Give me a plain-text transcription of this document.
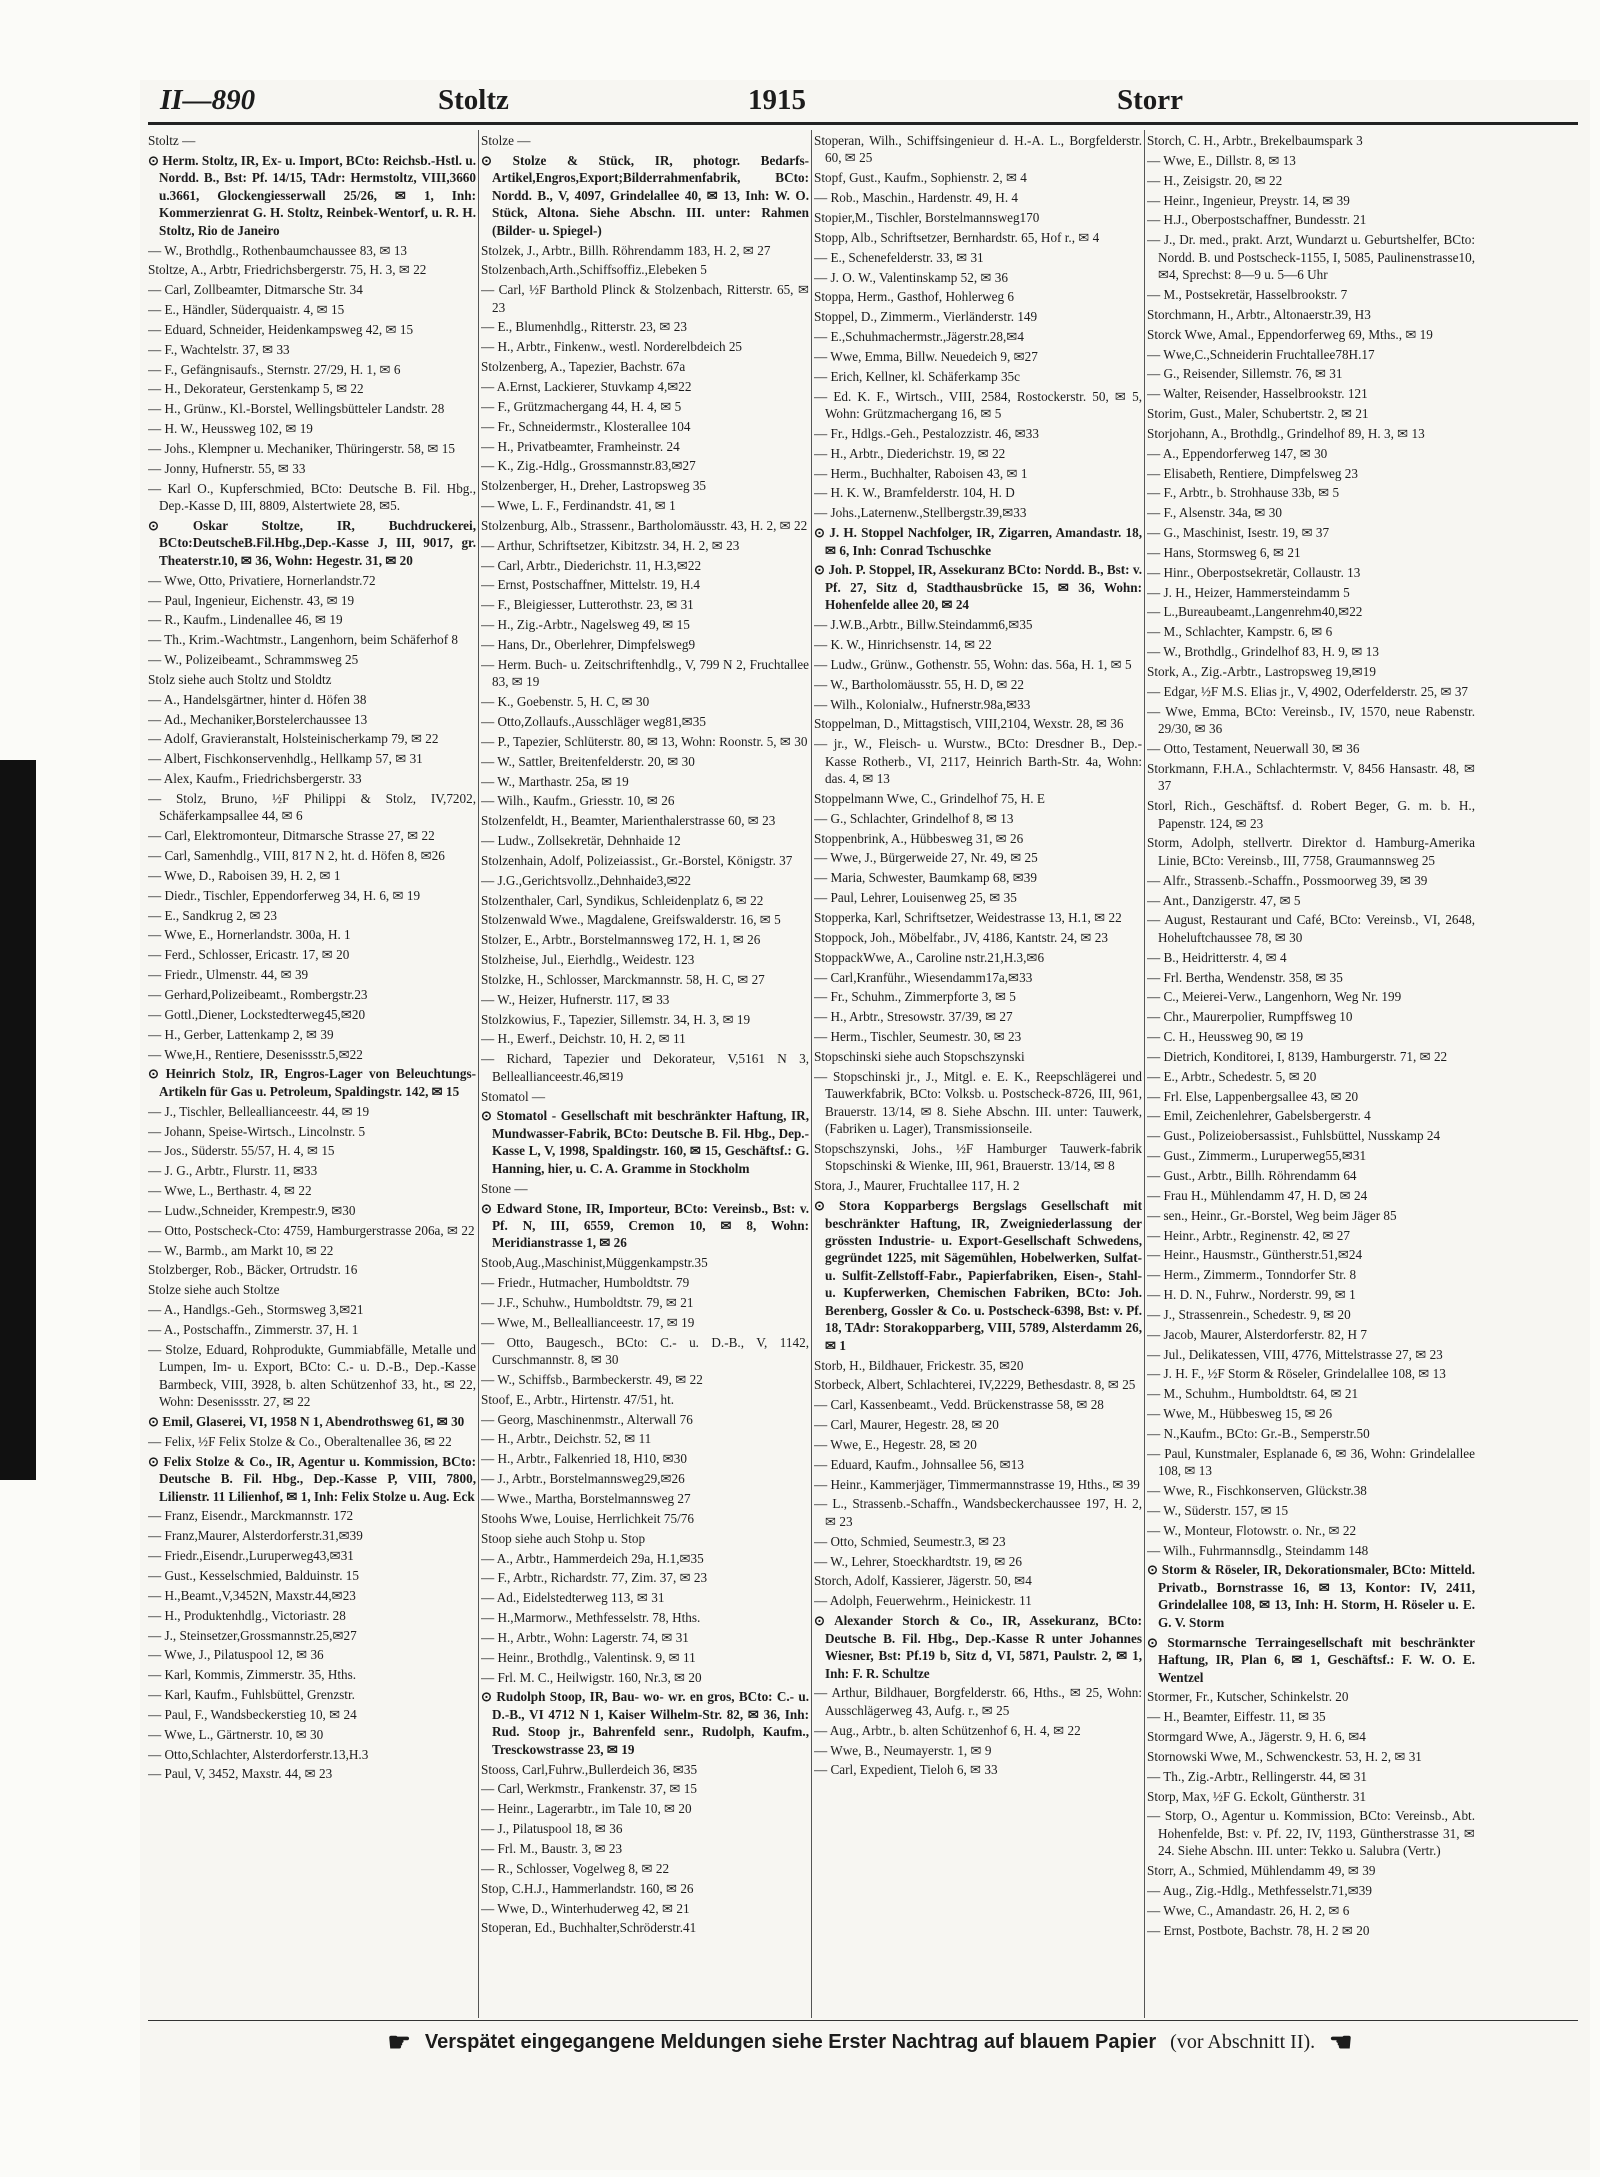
II—890	Stoltz	1915	Storr
Stoltz —
⊙ Herm. Stoltz, IR, Ex- u. Import, BCto: Reichsb.-Hstl. u. Nordd. B., Bst: Pf. 14/15, TAdr: Hermstoltz, VIII,3660 u.3661, Glockengiesserwall 25/26, ✉ 1, Inh: Kommerzienrat G. H. Stoltz, Reinbek-Wentorf, u. R. H. Stoltz, Rio de Janeiro
— W., Brothdlg., Rothenbaumchaussee 83, ✉ 13
Stoltze, A., Arbtr, Friedrichsbergerstr. 75, H. 3, ✉ 22
— Carl, Zollbeamter, Ditmarsche Str. 34
— E., Händler, Süderquaistr. 4, ✉ 15
— Eduard, Schneider, Heidenkampsweg 42, ✉ 15
— F., Wachtelstr. 37, ✉ 33
— F., Gefängnisaufs., Sternstr. 27/29, H. 1, ✉ 6
— H., Dekorateur, Gerstenkamp 5, ✉ 22
— H., Grünw., Kl.-Borstel, Wellingsbütteler Landstr. 28
— H. W., Heussweg 102, ✉ 19
— Johs., Klempner u. Mechaniker, Thüringerstr. 58, ✉ 15
— Jonny, Hufnerstr. 55, ✉ 33
— Karl O., Kupferschmied, BCto: Deutsche B. Fil. Hbg., Dep.-Kasse D, III, 8809, Alstertwiete 28, ✉5.
⊙ Oskar Stoltze, IR, Buchdruckerei, BCto:DeutscheB.Fil.Hbg.,Dep.-Kasse J, III, 9017, gr. Theaterstr.10, ✉ 36, Wohn: Hegestr. 31, ✉ 20
— Wwe, Otto, Privatiere, Hornerlandstr.72
— Paul, Ingenieur, Eichenstr. 43, ✉ 19
— R., Kaufm., Lindenallee 46, ✉ 19
— Th., Krim.-Wachtmstr., Langenhorn, beim Schäferhof 8
— W., Polizeibeamt., Schrammsweg 25
Stolz siehe auch Stoltz und Stoldtz
— A., Handelsgärtner, hinter d. Höfen 38
— Ad., Mechaniker,Borstelerchaussee 13
— Adolf, Gravieranstalt, Holsteinischerkamp 79, ✉ 22
— Albert, Fischkonservenhdlg., Hellkamp 57, ✉ 31
— Alex, Kaufm., Friedrichsbergerstr. 33
— Stolz, Bruno, ½F Philippi & Stolz, IV,7202, Schäferkampsallee 44, ✉ 6
— Carl, Elektromonteur, Ditmarsche Strasse 27, ✉ 22
— Carl, Samenhdlg., VIII, 817 N 2, ht. d. Höfen 8, ✉26
— Wwe, D., Raboisen 39, H. 2, ✉ 1
— Diedr., Tischler, Eppendorferweg 34, H. 6, ✉ 19
— E., Sandkrug 2, ✉ 23
— Wwe, E., Hornerlandstr. 300a, H. 1
— Ferd., Schlosser, Ericastr. 17, ✉ 20
— Friedr., Ulmenstr. 44, ✉ 39
— Gerhard,Polizeibeamt., Rombergstr.23
— Gottl.,Diener, Lockstedterweg45,✉20
— H., Gerber, Lattenkamp 2, ✉ 39
— Wwe,H., Rentiere, Desenissstr.5,✉22
⊙ Heinrich Stolz, IR, Engros-Lager von Beleuchtungs-Artikeln für Gas u. Petroleum, Spaldingstr. 142, ✉ 15
— J., Tischler, Belleallianceestr. 44, ✉ 19
— Johann, Speise-Wirtsch., Lincolnstr. 5
— Jos., Süderstr. 55/57, H. 4, ✉ 15
— J. G., Arbtr., Flurstr. 11, ✉33
— Wwe, L., Berthastr. 4, ✉ 22
— Ludw.,Schneider, Krempestr.9, ✉30
— Otto, Postscheck-Cto: 4759, Hamburgerstrasse 206a, ✉ 22
— W., Barmb., am Markt 10, ✉ 22
Stolzberger, Rob., Bäcker, Ortrudstr. 16
Stolze siehe auch Stoltze
— A., Handlgs.-Geh., Stormsweg 3,✉21
— A., Postschaffn., Zimmerstr. 37, H. 1
— Stolze, Eduard, Rohprodukte, Gummiabfälle, Metalle und Lumpen, Im- u. Export, BCto: C.- u. D.-B., Dep.-Kasse Barmbeck, VIII, 3928, b. alten Schützenhof 33, ht., ✉ 22, Wohn: Desenissstr. 27, ✉ 22
⊙ Emil, Glaserei, VI, 1958 N 1, Abendrothsweg 61, ✉ 30
— Felix, ½F Felix Stolze & Co., Oberaltenallee 36, ✉ 22
⊙ Felix Stolze & Co., IR, Agentur u. Kommission, BCto: Deutsche B. Fil. Hbg., Dep.-Kasse P, VIII, 7800, Lilienstr. 11 Lilienhof, ✉ 1, Inh: Felix Stolze u. Aug. Eck
— Franz, Eisendr., Marckmannstr. 172
— Franz,Maurer, Alsterdorferstr.31,✉39
— Friedr.,Eisendr.,Luruperweg43,✉31
— Gust., Kesselschmied, Balduinstr. 15
— H.,Beamt.,V,3452N, Maxstr.44,✉23
— H., Produktenhdlg., Victoriastr. 28
— J., Steinsetzer,Grossmannstr.25,✉27
— Wwe, J., Pilatuspool 12, ✉ 36
— Karl, Kommis, Zimmerstr. 35, Hths.
— Karl, Kaufm., Fuhlsbüttel, Grenzstr.
— Paul, F., Wandsbeckerstieg 10, ✉ 24
— Wwe, L., Gärtnerstr. 10, ✉ 30
— Otto,Schlachter, Alsterdorferstr.13,H.3
— Paul, V, 3452, Maxstr. 44, ✉ 23
Stolze —
⊙ Stolze & Stück, IR, photogr. Bedarfs-Artikel,Engros,Export;Bilderrahmenfabrik, BCto: Nordd. B., V, 4097, Grindelallee 40, ✉ 13, Inh: W. O. Stück, Altona. Siehe Abschn. III. unter: Rahmen (Bilder- u. Spiegel-)
Stolzek, J., Arbtr., Billh. Röhrendamm 183, H. 2, ✉ 27
Stolzenbach,Arth.,Schiffsoffiz.,Elebeken 5
— Carl, ½F Barthold Plinck & Stolzenbach, Ritterstr. 65, ✉ 23
— E., Blumenhdlg., Ritterstr. 23, ✉ 23
— H., Arbtr., Finkenw., westl. Norderelbdeich 25
Stolzenberg, A., Tapezier, Bachstr. 67a
— A.Ernst, Lackierer, Stuvkamp 4,✉22
— F., Grützmachergang 44, H. 4, ✉ 5
— Fr., Schneidermstr., Klosterallee 104
— H., Privatbeamter, Framheinstr. 24
— K., Zig.-Hdlg., Grossmannstr.83,✉27
Stolzenberger, H., Dreher, Lastropsweg 35
— Wwe, L. F., Ferdinandstr. 41, ✉ 1
Stolzenburg, Alb., Strassenr., Bartholomäusstr. 43, H. 2, ✉ 22
— Arthur, Schriftsetzer, Kibitzstr. 34, H. 2, ✉ 23
— Carl, Arbtr., Diederichstr. 11, H.3,✉22
— Ernst, Postschaffner, Mittelstr. 19, H.4
— F., Bleigiesser, Lutterothstr. 23, ✉ 31
— H., Zig.-Arbtr., Nagelsweg 49, ✉ 15
— Hans, Dr., Oberlehrer, Dimpfelsweg9
— Herm. Buch- u. Zeitschriftenhdlg., V, 799 N 2, Fruchtallee 83, ✉ 19
— K., Goebenstr. 5, H. C, ✉ 30
— Otto,Zollaufs.,Ausschläger weg81,✉35
— P., Tapezier, Schlüterstr. 80, ✉ 13, Wohn: Roonstr. 5, ✉ 30
— W., Sattler, Breitenfelderstr. 20, ✉ 30
— W., Marthastr. 25a, ✉ 19
— Wilh., Kaufm., Griesstr. 10, ✉ 26
Stolzenfeldt, H., Beamter, Marienthalerstrasse 60, ✉ 23
— Ludw., Zollsekretär, Dehnhaide 12
Stolzenhain, Adolf, Polizeiassist., Gr.-Borstel, Königstr. 37
— J.G.,Gerichtsvollz.,Dehnhaide3,✉22
Stolzenthaler, Carl, Syndikus, Schleidenplatz 6, ✉ 22
Stolzenwald Wwe., Magdalene, Greifswalderstr. 16, ✉ 5
Stolzer, E., Arbtr., Borstelmannsweg 172, H. 1, ✉ 26
Stolzheise, Jul., Eierhdlg., Weidestr. 123
Stolzke, H., Schlosser, Marckmannstr. 58, H. C, ✉ 27
— W., Heizer, Hufnerstr. 117, ✉ 33
Stolzkowius, F., Tapezier, Sillemstr. 34, H. 3, ✉ 19
— H., Ewerf., Deichstr. 10, H. 2, ✉ 11
— Richard, Tapezier und Dekorateur, V,5161 N 3, Belleallianceestr.46,✉19
Stomatol —
⊙ Stomatol - Gesellschaft mit beschränkter Haftung, IR, Mundwasser-Fabrik, BCto: Deutsche B. Fil. Hbg., Dep.-Kasse L, V, 1998, Spaldingstr. 160, ✉ 15, Geschäftsf.: G. Hanning, hier, u. C. A. Gramme in Stockholm
Stone —
⊙ Edward Stone, IR, Importeur, BCto: Vereinsb., Bst: v. Pf. N, III, 6559, Cremon 10, ✉ 8, Wohn: Meridianstrasse 1, ✉ 26
Stoob,Aug.,Maschinist,Müggenkampstr.35
— Friedr., Hutmacher, Humboldtstr. 79
— J.F., Schuhw., Humboldtstr. 79, ✉ 21
— Wwe, M., Belleallianceestr. 17, ✉ 19
— Otto, Baugesch., BCto: C.- u. D.-B., V, 1142, Curschmannstr. 8, ✉ 30
— W., Schiffsb., Barmbeckerstr. 49, ✉ 22
Stoof, E., Arbtr., Hirtenstr. 47/51, ht.
— Georg, Maschinenmstr., Alterwall 76
— H., Arbtr., Deichstr. 52, ✉ 11
— H., Arbtr., Falkenried 18, H10, ✉30
— J., Arbtr., Borstelmannsweg29,✉26
— Wwe., Martha, Borstelmannsweg 27
Stoohs Wwe, Louise, Herrlichkeit 75/76
Stoop siehe auch Stohp u. Stop
— A., Arbtr., Hammerdeich 29a, H.1,✉35
— F., Arbtr., Richardstr. 77, Zim. 37, ✉ 23
— Ad., Eidelstedterweg 113, ✉ 31
— H.,Marmorw., Methfesselstr. 78, Hths.
— H., Arbtr., Wohn: Lagerstr. 74, ✉ 31
— Heinr., Brothdlg., Valentinsk. 9, ✉ 11
— Frl. M. C., Heilwigstr. 160, Nr.3, ✉ 20
⊙ Rudolph Stoop, IR, Bau- wo- wr. en gros, BCto: C.- u. D.-B., VI 4712 N 1, Kaiser Wilhelm-Str. 82, ✉ 36, Inh: Rud. Stoop jr., Bahrenfeld senr., Rudolph, Kaufm., Tresckowstrasse 23, ✉ 19
Stooss, Carl,Fuhrw.,Bullerdeich 36, ✉35
— Carl, Werkmstr., Frankenstr. 37, ✉ 15
— Heinr., Lagerarbtr., im Tale 10, ✉ 20
— J., Pilatuspool 18, ✉ 36
— Frl. M., Baustr. 3, ✉ 23
— R., Schlosser, Vogelweg 8, ✉ 22
Stop, C.H.J., Hammerlandstr. 160, ✉ 26
— Wwe, D., Winterhuderweg 42, ✉ 21
Stoperan, Ed., Buchhalter,Schröderstr.41
Stoperan, Wilh., Schiffsingenieur d. H.-A. L., Borgfelderstr. 60, ✉ 25
Stopf, Gust., Kaufm., Sophienstr. 2, ✉ 4
— Rob., Maschin., Hardenstr. 49, H. 4
Stopier,M., Tischler, Borstelmannsweg170
Stopp, Alb., Schriftsetzer, Bernhardstr. 65, Hof r., ✉ 4
— E., Schenefelderstr. 33, ✉ 31
— J. O. W., Valentinskamp 52, ✉ 36
Stoppa, Herm., Gasthof, Hohlerweg 6
Stoppel, D., Zimmerm., Vierländerstr. 149
— E.,Schuhmachermstr.,Jägerstr.28,✉4
— Wwe, Emma, Billw. Neuedeich 9, ✉27
— Erich, Kellner, kl. Schäferkamp 35c
— Ed. K. F., Wirtsch., VIII, 2584, Rostockerstr. 50, ✉ 5, Wohn: Grützmachergang 16, ✉ 5
— Fr., Hdlgs.-Geh., Pestalozzistr. 46, ✉33
— H., Arbtr., Diederichstr. 19, ✉ 22
— Herm., Buchhalter, Raboisen 43, ✉ 1
— H. K. W., Bramfelderstr. 104, H. D
— Johs.,Laternenw.,Stellbergstr.39,✉33
⊙ J. H. Stoppel Nachfolger, IR, Zigarren, Amandastr. 18, ✉ 6, Inh: Conrad Tschuschke
⊙ Joh. P. Stoppel, IR, Assekuranz BCto: Nordd. B., Bst: v. Pf. 27, Sitz d, Stadthausbrücke 15, ✉ 36, Wohn: Hohenfelde allee 20, ✉ 24
— J.W.B.,Arbtr., Billw.Steindamm6,✉35
— K. W., Hinrichsenstr. 14, ✉ 22
— Ludw., Grünw., Gothenstr. 55, Wohn: das. 56a, H. 1, ✉ 5
— W., Bartholomäusstr. 55, H. D, ✉ 22
— Wilh., Kolonialw., Hufnerstr.98a,✉33
Stoppelman, D., Mittagstisch, VIII,2104, Wexstr. 28, ✉ 36
— jr., W., Fleisch- u. Wurstw., BCto: Dresdner B., Dep.-Kasse Rotherb., VI, 2117, Heinrich Barth-Str. 4a, Wohn: das. 4, ✉ 13
Stoppelmann Wwe, C., Grindelhof 75, H. E
— G., Schlachter, Grindelhof 8, ✉ 13
Stoppenbrink, A., Hübbesweg 31, ✉ 26
— Wwe, J., Bürgerweide 27, Nr. 49, ✉ 25
— Maria, Schwester, Baumkamp 68, ✉39
— Paul, Lehrer, Louisenweg 25, ✉ 35
Stopperka, Karl, Schriftsetzer, Weidestrasse 13, H.1, ✉ 22
Stoppock, Joh., Möbelfabr., JV, 4186, Kantstr. 24, ✉ 23
StoppackWwe, A., Caroline nstr.21,H.3,✉6
— Carl,Kranführ., Wiesendamm17a,✉33
— Fr., Schuhm., Zimmerpforte 3, ✉ 5
— H., Arbtr., Stresowstr. 37/39, ✉ 27
— Herm., Tischler, Seumestr. 30, ✉ 23
Stopschinski siehe auch Stopschszynski
— Stopschinski jr., J., Mitgl. e. E. K., Reepschlägerei und Tauwerkfabrik, BCto: Volksb. u. Postscheck-8726, III, 961, Brauerstr. 13/14, ✉ 8. Siehe Abschn. III. unter: Tauwerk, (Fabriken u. Lager), Transmissionseile.
Stopschszynski, Johs., ½F Hamburger Tauwerk-fabrik Stopschinski & Wienke, III, 961, Brauerstr. 13/14, ✉ 8
Stora, J., Maurer, Fruchtallee 117, H. 2
⊙ Stora Kopparbergs Bergslags Gesellschaft mit beschränkter Haftung, IR, Zweigniederlassung der grössten Industrie- u. Export-Gesellschaft Schwedens, gegründet 1225, mit Sägemühlen, Hobelwerken, Sulfat- u. Sulfit-Zellstoff-Fabr., Papierfabriken, Eisen-, Stahl- u. Kupferwerken, Chemischen Fabriken, BCto: Joh. Berenberg, Gossler & Co. u. Postscheck-6398, Bst: v. Pf. 18, TAdr: Storakopparberg, VIII, 5789, Alsterdamm 26, ✉ 1
Storb, H., Bildhauer, Frickestr. 35, ✉20
Storbeck, Albert, Schlachterei, IV,2229, Bethesdastr. 8, ✉ 25
— Carl, Kassenbeamt., Vedd. Brückenstrasse 58, ✉ 28
— Carl, Maurer, Hegestr. 28, ✉ 20
— Wwe, E., Hegestr. 28, ✉ 20
— Eduard, Kaufm., Johnsallee 56, ✉13
— Heinr., Kammerjäger, Timmermannstrasse 19, Hths., ✉ 39
— L., Strassenb.-Schaffn., Wandsbeckerchaussee 197, H. 2, ✉ 23
— Otto, Schmied, Seumestr.3, ✉ 23
— W., Lehrer, Stoeckhardtstr. 19, ✉ 26
Storch, Adolf, Kassierer, Jägerstr. 50, ✉4
— Adolph, Feuerwehrm., Heinickestr. 11
⊙ Alexander Storch & Co., IR, Assekuranz, BCto: Deutsche B. Fil. Hbg., Dep.-Kasse R unter Johannes Wiesner, Bst: Pf.19 b, Sitz d, VI, 5871, Paulstr. 2, ✉ 1, Inh: F. R. Schultze
— Arthur, Bildhauer, Borgfelderstr. 66, Hths., ✉ 25, Wohn: Ausschlägerweg 43, Aufg. r., ✉ 25
— Aug., Arbtr., b. alten Schützenhof 6, H. 4, ✉ 22
— Wwe, B., Neumayerstr. 1, ✉ 9
— Carl, Expedient, Tieloh 6, ✉ 33
Storch, C. H., Arbtr., Brekelbaumspark 3
— Wwe, E., Dillstr. 8, ✉ 13
— H., Zeisigstr. 20, ✉ 22
— Heinr., Ingenieur, Preystr. 14, ✉ 39
— H.J., Oberpostschaffner, Bundesstr. 21
— J., Dr. med., prakt. Arzt, Wundarzt u. Geburtshelfer, BCto: Nordd. B. und Postscheck-1155, I, 5085, Paulinenstrasse10, ✉4, Sprechst: 8—9 u. 5—6 Uhr
— M., Postsekretär, Hasselbrookstr. 7
Storchmann, H., Arbtr., Altonaerstr.39, H3
Storck Wwe, Amal., Eppendorferweg 69, Mths., ✉ 19
— Wwe,C.,Schneiderin Fruchtallee78H.17
— G., Reisender, Sillemstr. 76, ✉ 31
— Walter, Reisender, Hasselbrookstr. 121
Storim, Gust., Maler, Schubertstr. 2, ✉ 21
Storjohann, A., Brothdlg., Grindelhof 89, H. 3, ✉ 13
— A., Eppendorferweg 147, ✉ 30
— Elisabeth, Rentiere, Dimpfelsweg 23
— F., Arbtr., b. Strohhause 33b, ✉ 5
— F., Alsenstr. 34a, ✉ 30
— G., Maschinist, Isestr. 19, ✉ 37
— Hans, Stormsweg 6, ✉ 21
— Hinr., Oberpostsekretär, Collaustr. 13
— J. H., Heizer, Hammersteindamm 5
— L.,Bureaubeamt.,Langenrehm40,✉22
— M., Schlachter, Kampstr. 6, ✉ 6
— W., Brothdlg., Grindelhof 83, H. 9, ✉ 13
Stork, A., Zig.-Arbtr., Lastropsweg 19,✉19
— Edgar, ½F M.S. Elias jr., V, 4902, Oderfelderstr. 25, ✉ 37
— Wwe, Emma, BCto: Vereinsb., IV, 1570, neue Rabenstr. 29/30, ✉ 36
— Otto, Testament, Neuerwall 30, ✉ 36
Storkmann, F.H.A., Schlachtermstr. V, 8456 Hansastr. 48, ✉ 37
Storl, Rich., Geschäftsf. d. Robert Beger, G. m. b. H., Papenstr. 124, ✉ 23
Storm, Adolph, stellvertr. Direktor d. Hamburg-Amerika Linie, BCto: Vereinsb., III, 7758, Graumannsweg 25
— Alfr., Strassenb.-Schaffn., Possmoorweg 39, ✉ 39
— Ant., Danzigerstr. 47, ✉ 5
— August, Restaurant und Café, BCto: Vereinsb., VI, 2648, Hoheluftchaussee 78, ✉ 30
— B., Heidritterstr. 4, ✉ 4
— Frl. Bertha, Wendenstr. 358, ✉ 35
— C., Meierei-Verw., Langenhorn, Weg Nr. 199
— Chr., Maurerpolier, Rumpffsweg 10
— C. H., Heussweg 90, ✉ 19
— Dietrich, Konditorei, I, 8139, Hamburgerstr. 71, ✉ 22
— E., Arbtr., Schedestr. 5, ✉ 20
— Frl. Else, Lappenbergsallee 43, ✉ 20
— Emil, Zeichenlehrer, Gabelsbergerstr. 4
— Gust., Polizeiobersassist., Fuhlsbüttel, Nusskamp 24
— Gust., Zimmerm., Luruperweg55,✉31
— Gust., Arbtr., Billh. Röhrendamm 64
— Frau H., Mühlendamm 47, H. D, ✉ 24
— sen., Heinr., Gr.-Borstel, Weg beim Jäger 85
— Heinr., Arbtr., Reginenstr. 42, ✉ 27
— Heinr., Hausmstr., Güntherstr.51,✉24
— Herm., Zimmerm., Tonndorfer Str. 8
— H. D. N., Fuhrw., Norderstr. 99, ✉ 1
— J., Strassenrein., Schedestr. 9, ✉ 20
— Jacob, Maurer, Alsterdorferstr. 82, H 7
— Jul., Delikatessen, VIII, 4776, Mittelstrasse 27, ✉ 23
— J. H. F., ½F Storm & Röseler, Grindelallee 108, ✉ 13
— M., Schuhm., Humboldtstr. 64, ✉ 21
— Wwe, M., Hübbesweg 15, ✉ 26
— N.,Kaufm., BCto: Gr.-B., Semperstr.50
— Paul, Kunstmaler, Esplanade 6, ✉ 36, Wohn: Grindelallee 108, ✉ 13
— Wwe, R., Fischkonserven, Glückstr.38
— W., Süderstr. 157, ✉ 15
— W., Monteur, Flotowstr. o. Nr., ✉ 22
— Wilh., Fuhrmannsdlg., Steindamm 148
⊙ Storm & Röseler, IR, Dekorationsmaler, BCto: Mitteld. Privatb., Bornstrasse 16, ✉ 13, Kontor: IV, 2411, Grindelallee 108, ✉ 13, Inh: H. Storm, H. Röseler u. E. G. V. Storm
⊙ Stormarnsche Terraingesellschaft mit beschränkter Haftung, IR, Plan 6, ✉ 1, Geschäftsf.: F. W. O. E. Wentzel
Stormer, Fr., Kutscher, Schinkelstr. 20
— H., Beamter, Eiffestr. 11, ✉ 35
Stormgard Wwe, A., Jägerstr. 9, H. 6, ✉4
Stornowski Wwe, M., Schwenckestr. 53, H. 2, ✉ 31
— Th., Zig.-Arbtr., Rellingerstr. 44, ✉ 31
Storp, Max, ½F G. Eckolt, Güntherstr. 31
— Storp, O., Agentur u. Kommission, BCto: Vereinsb., Abt. Hohenfelde, Bst: v. Pf. 22, IV, 1193, Güntherstrasse 31, ✉ 24. Siehe Abschn. III. unter: Tekko u. Salubra (Vertr.)
Storr, A., Schmied, Mühlendamm 49, ✉ 39
— Aug., Zig.-Hdlg., Methfesselstr.71,✉39
— Wwe, C., Amandastr. 26, H. 2, ✉ 6
— Ernst, Postbote, Bachstr. 78, H. 2 ✉ 20
☛ Verspätet eingegangene Meldungen siehe Erster Nachtrag auf blauem Papier (vor Abschnitt II). ☚
